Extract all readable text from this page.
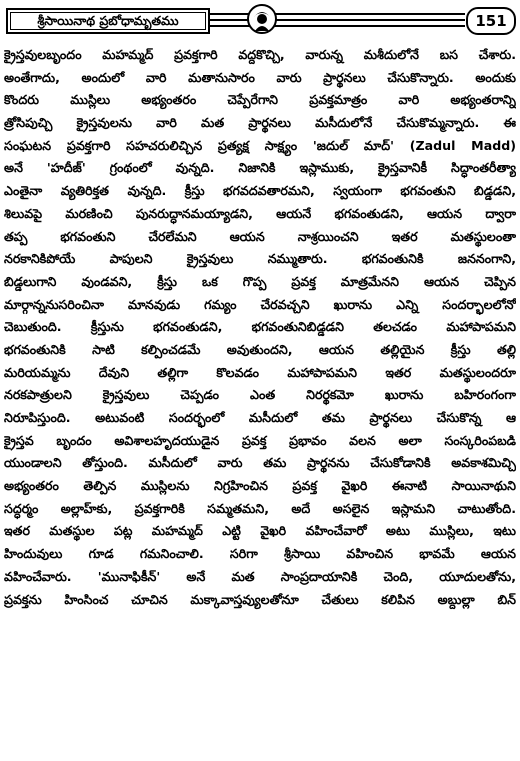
శ్రీసాయినాథ ప్రబోధామృతము	151
క్రైస్తవులబృందం మహమ్మద్ ప్రవక్తగారి వద్దకొచ్చి, వారున్న మశీదులోనే బస చేశారు.
అంతేగాదు, అందులో వారి మతానుసారం వారు ప్రార్థనలు చేసుకొన్నారు. అందుకు
కొందరు ముస్లిలు అభ్యంతరం చెప్పేరేగాని ప్రవక్తమాత్రం వారి అభ్యంతరాన్ని
త్రోసిపుచ్చి క్రైస్తవులను వారి మత ప్రార్థనలు మసీదులోనే చేసుకొమ్మన్నారు. ఈ
సంఘటన ప్రవక్తగారి సహచరులిచ్చిన ప్రత్యక్ష సాక్ష్యం 'జదుల్ మాద్' (Zadul Madd)
అనే 'హదీజ్' గ్రంథంలో వున్నది. నిజానికి ఇస్లాముకు, క్రైస్తవానికీ సిద్ధాంతరీత్యా
ఎంతైనా వ్యతిరిక్తత వున్నది. క్రీస్తు భగవదవతారమని, స్వయంగా భగవంతుని బిడ్డడని,
శిలువపై మరణించి పునరుద్ధానమయ్యాడని, ఆయనే భగవంతుడని, ఆయన ద్వారా
తప్ప భగవంతుని చేరలేమని ఆయన నాశ్రయించని ఇతర మతస్థులంతా
నరకానికిపోయే పాపులని క్రైస్తవులు నమ్ముతారు. భగవంతునికి జననంగాని,
బిడ్డలుగాని వుండవని, క్రీస్తు ఒక గొప్ప ప్రవక్త మాత్రమేనని ఆయన చెప్పిన
మార్గాన్ననుసరించినా మానవుడు గమ్యం చేరవచ్చని ఖురాను ఎన్ని సందర్భాలలోనో
చెబుతుంది. క్రీస్తును భగవంతుడని, భగవంతునిబిడ్డడని తలచడం మహాపాపమని
భగవంతునికి సాటి కల్పించడమే అవుతుందని, ఆయన తల్లియైన క్రీస్తు తల్లి
మరియమ్మను దేవుని తల్లిగా కొలవడం మహాపాపమని ఇతర మతస్థులందరూ
నరకపాత్రులని క్రైస్తవులు చెప్పడం ఎంత నిరర్థకమో ఖురాను బహిరంగంగా
నిరూపిస్తుంది. అటువంటి సందర్భంలో మసీదులో తమ ప్రార్థనలు చేసుకొన్న ఆ
క్రైస్తవ బృందం అవిశాలహృదయుడైన ప్రవక్త ప్రభావం వలన అలా సంస్కరింపబడి
యుండాలని తోస్తుంది. మసీదులో వారు తమ ప్రార్థనను చేసుకోడానికి అవకాశమిచ్చి
అభ్యంతరం తెల్పిన ముస్లిలను నిగ్రహించిన ప్రవక్త వైఖరి ఈనాటి సాయినాథుని
సద్ధర్మం అల్లాహ్‌కు, ప్రవక్తగారికి సమ్మతమని, అదే అసలైన ఇస్లామని చాటుతోంది.
ఇతర మతస్థుల పట్ల మహమ్మద్ ఎట్టి వైఖరి వహించేవారో అటు ముస్లిలు, ఇటు
హిందువులు గూడ గమనించాలి. సరిగా శ్రీసాయి వహించిన భావమే ఆయన
వహించేవారు. 'మునాఫికీన్' అనే మత సాంప్రదాయానికి చెంది, యూదులతోను,
ప్రవక్తను హింసించ చూచిన మక్కావాస్తవ్యులతోనూ చేతులు కలిపిన అబ్దుల్లా బిన్
